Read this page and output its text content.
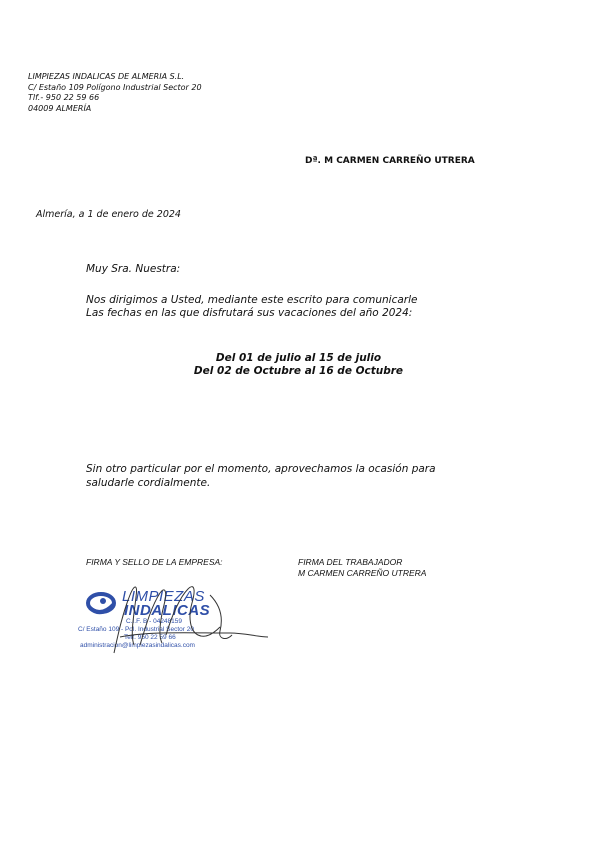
LIMPIEZAS INDALICAS DE ALMERIA S.L.
C/ Estaño 109 Polígono Industrial Sector 20
Tlf.- 950 22 59 66
04009 ALMERÍA
Dª. M CARMEN CARREÑO UTRERA
Almería, a 1 de enero de 2024
Muy Sra. Nuestra:
Nos dirigimos a Usted, mediante este escrito para comunicarle
Las fechas en las que disfrutará sus vacaciones del año 2024:
Del 01 de julio al 15 de julio
Del 02 de Octubre al 16 de Octubre
Sin otro particular por el momento, aprovechamos la ocasión para
saludarle cordialmente.
FIRMA Y SELLO DE LA EMPRESA:	FIRMA DEL TRABAJADOR
M CARMEN CARREÑO UTRERA
LIMPIEZAS
INDALICAS
C.I.F. B - 04248159
C/ Estaño 109 - Pol. Industrial Sector 20
Telf. 950 22 59 66
administracion@limpiezasindalicas.com
